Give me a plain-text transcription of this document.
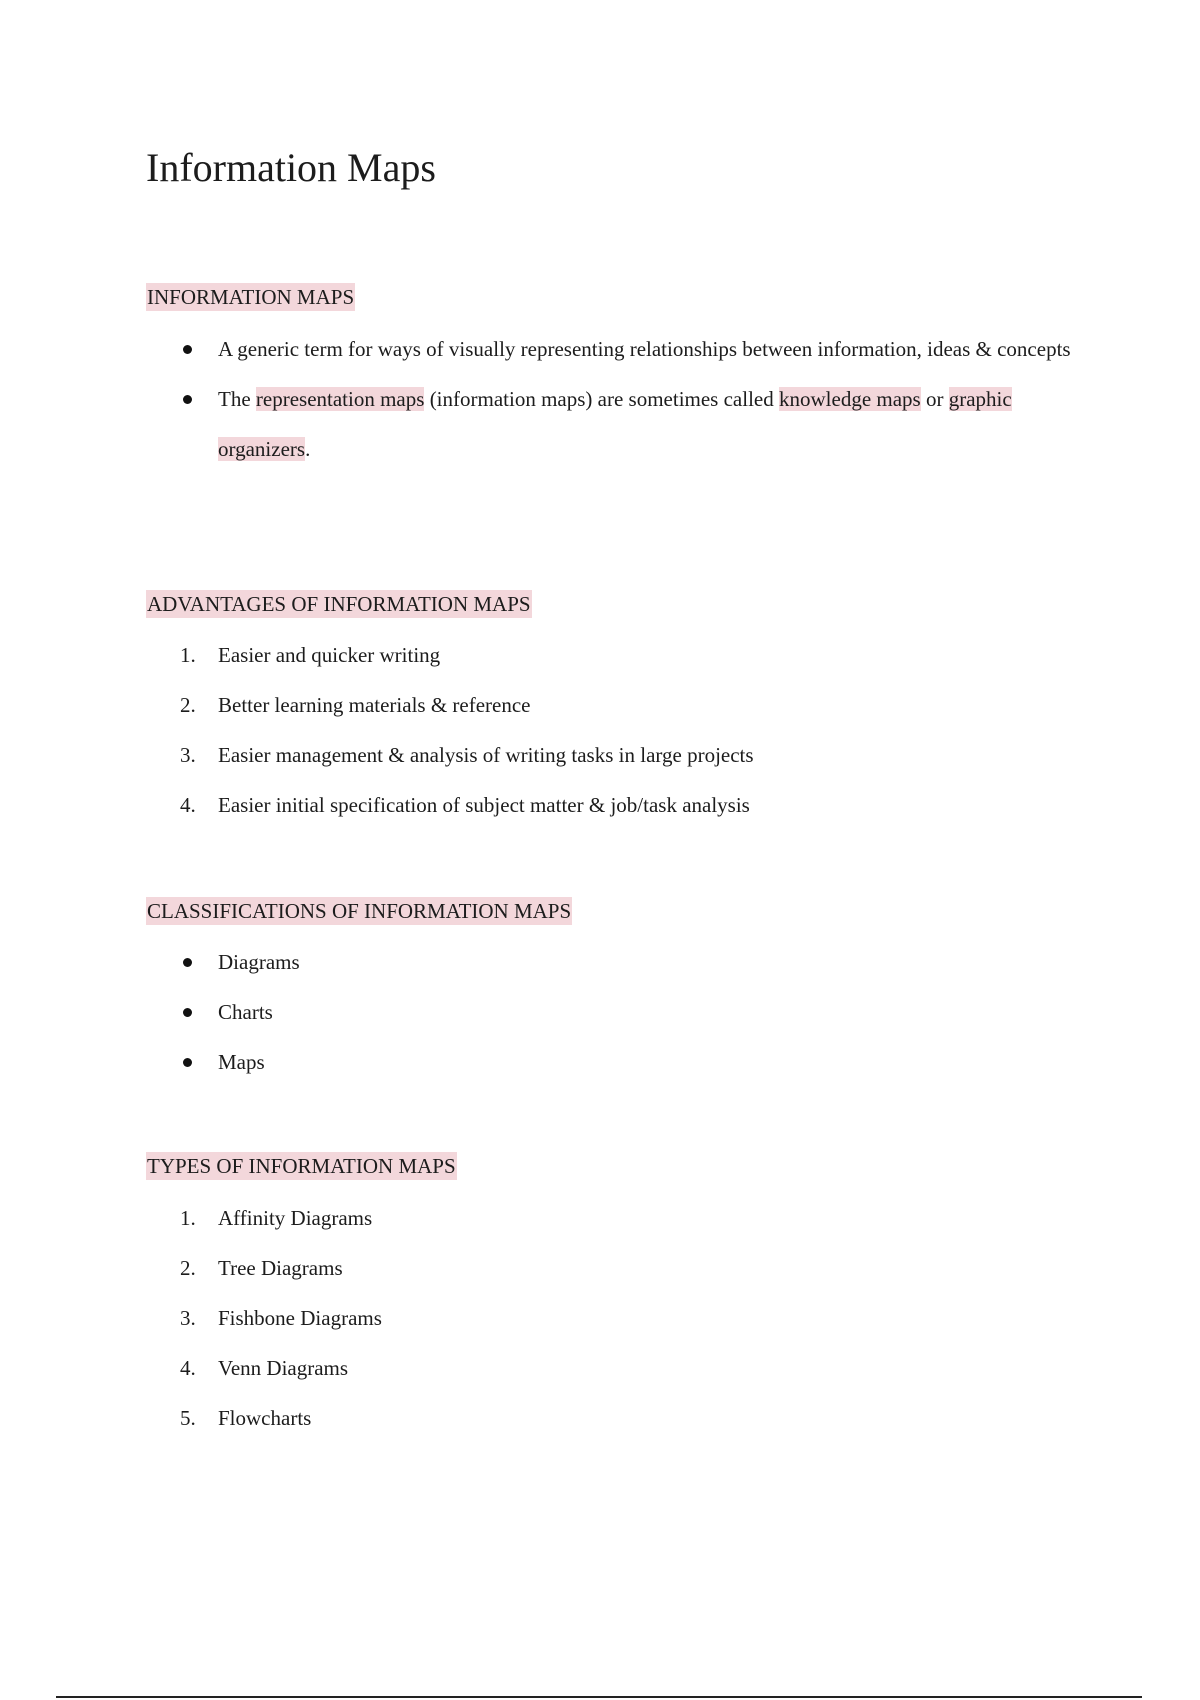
Information Maps
INFORMATION MAPS
A generic term for ways of visually representing relationships between information, ideas & concepts
The representation maps (information maps) are sometimes called knowledge maps or graphic organizers.
ADVANTAGES OF INFORMATION MAPS
1. Easier and quicker writing
2. Better learning materials & reference
3. Easier management & analysis of writing tasks in large projects
4. Easier initial specification of subject matter & job/task analysis
CLASSIFICATIONS OF INFORMATION MAPS
Diagrams
Charts
Maps
TYPES OF INFORMATION MAPS
1. Affinity Diagrams
2. Tree Diagrams
3. Fishbone Diagrams
4. Venn Diagrams
5. Flowcharts
